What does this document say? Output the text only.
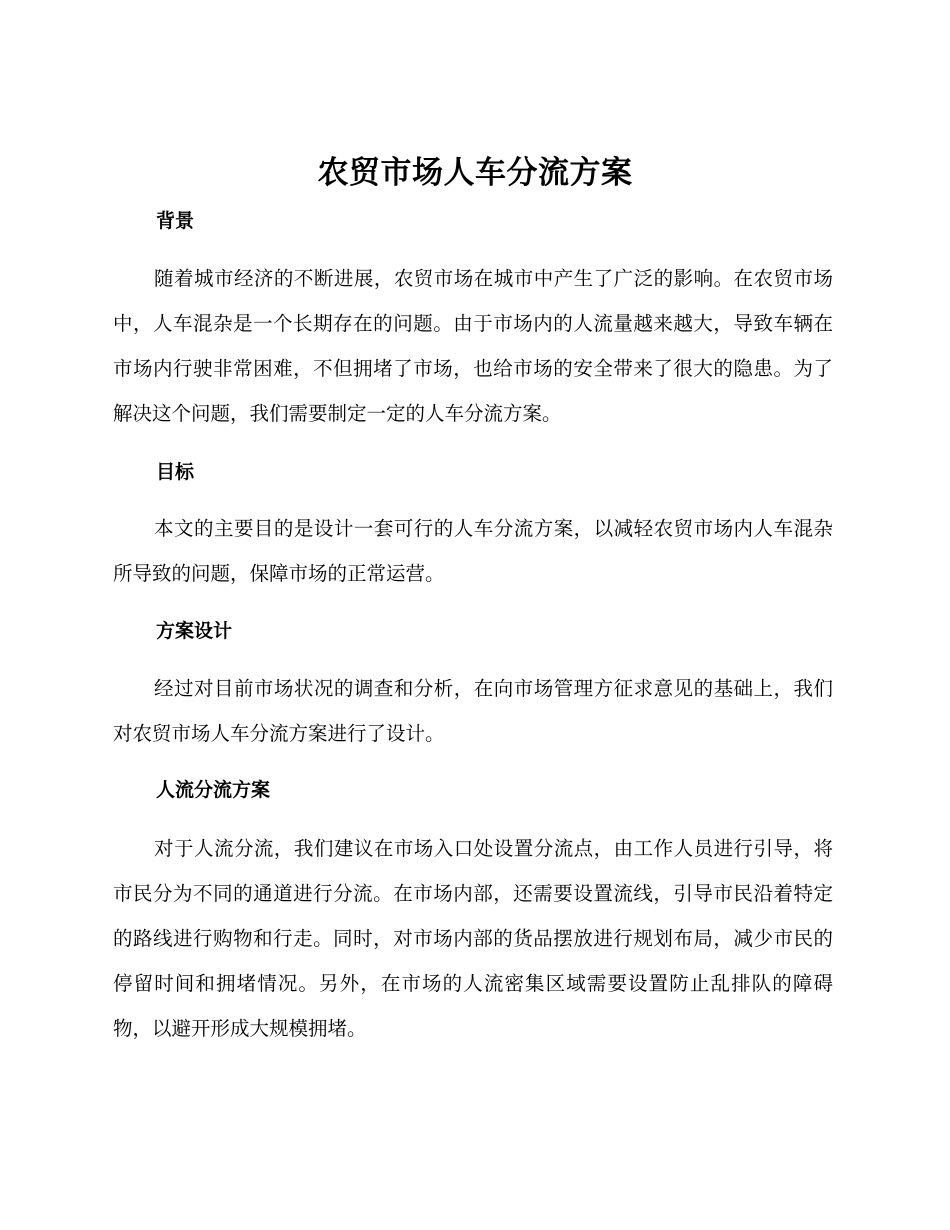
农贸市场人车分流方案
背景

随着城市经济的不断进展，农贸市场在城市中产生了广泛的影响。在农贸市场中，人车混杂是一个长期存在的问题。由于市场内的人流量越来越大，导致车辆在市场内行驶非常困难，不但拥堵了市场，也给市场的安全带来了很大的隐患。为了解决这个问题，我们需要制定一定的人车分流方案。

目标

本文的主要目的是设计一套可行的人车分流方案，以减轻农贸市场内人车混杂所导致的问题，保障市场的正常运营。

方案设计

经过对目前市场状况的调查和分析，在向市场管理方征求意见的基础上，我们对农贸市场人车分流方案进行了设计。

人流分流方案

对于人流分流，我们建议在市场入口处设置分流点，由工作人员进行引导，将市民分为不同的通道进行分流。在市场内部，还需要设置流线，引导市民沿着特定的路线进行购物和行走。同时，对市场内部的货品摆放进行规划布局，减少市民的停留时间和拥堵情况。另外，在市场的人流密集区域需要设置防止乱排队的障碍物，以避开形成大规模拥堵。
